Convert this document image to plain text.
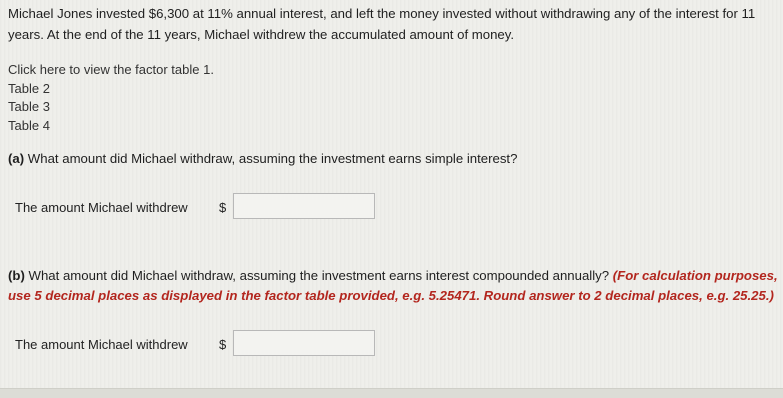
Michael Jones invested $6,300 at 11% annual interest, and left the money invested without withdrawing any of the interest for 11 years. At the end of the 11 years, Michael withdrew the accumulated amount of money.
Click here to view the factor table 1.
Table 2
Table 3
Table 4
(a) What amount did Michael withdraw, assuming the investment earns simple interest?
The amount Michael withdrew $
(b) What amount did Michael withdraw, assuming the investment earns interest compounded annually? (For calculation purposes, use 5 decimal places as displayed in the factor table provided, e.g. 5.25471. Round answer to 2 decimal places, e.g. 25.25.)
The amount Michael withdrew $
